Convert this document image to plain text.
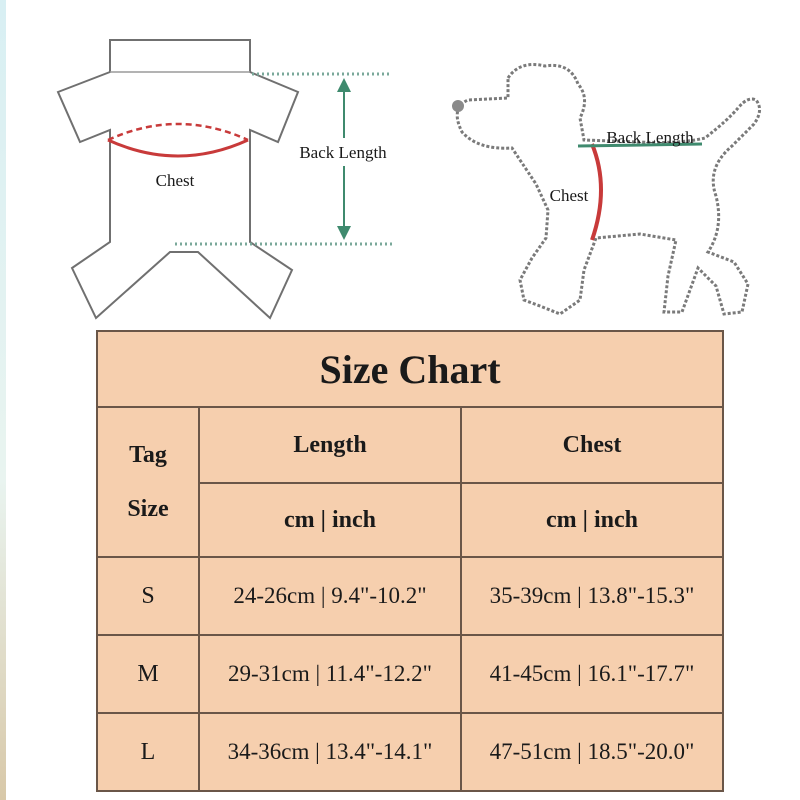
Chest
Back Length
Chest
Back Length
Size Chart		

Tag
Size	Length	Chest
	cm | inch	cm | inch
S	24-26cm | 9.4"-10.2"	35-39cm | 13.8"-15.3"
M	29-31cm | 11.4"-12.2"	41-45cm | 16.1"-17.7"
L	34-36cm | 13.4"-14.1"	47-51cm | 18.5"-20.0"
